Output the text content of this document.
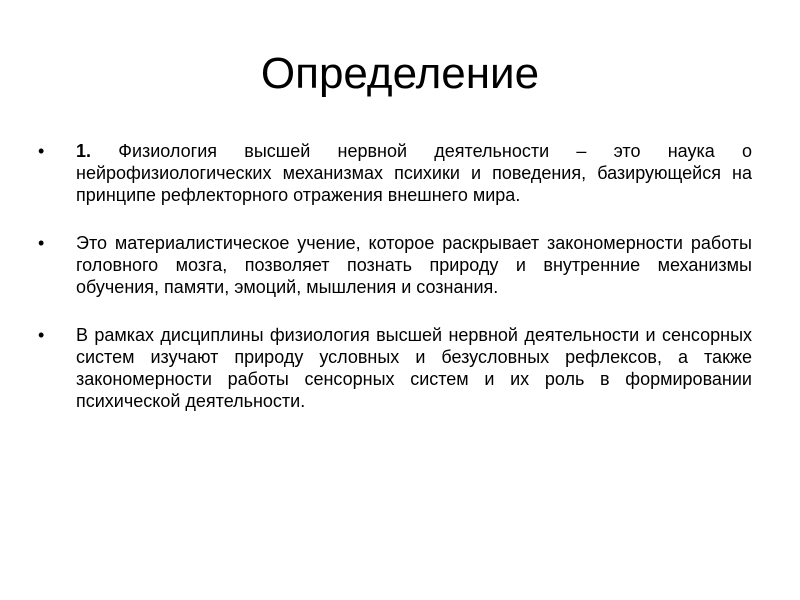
Определение
•	1. Физиология высшей нервной деятельности – это наука о нейрофизиологических механизмах психики и поведения, базирующейся на принципе рефлекторного отражения внешнего мира.
•	Это материалистическое учение, которое раскрывает закономерности работы головного мозга, позволяет познать природу и внутренние механизмы обучения, памяти, эмоций, мышления и сознания.
•	В рамках дисциплины физиология высшей нервной деятельности и сенсорных систем изучают природу условных и безусловных рефлексов, а также закономерности работы сенсорных систем и их роль в формировании психической деятельности.
